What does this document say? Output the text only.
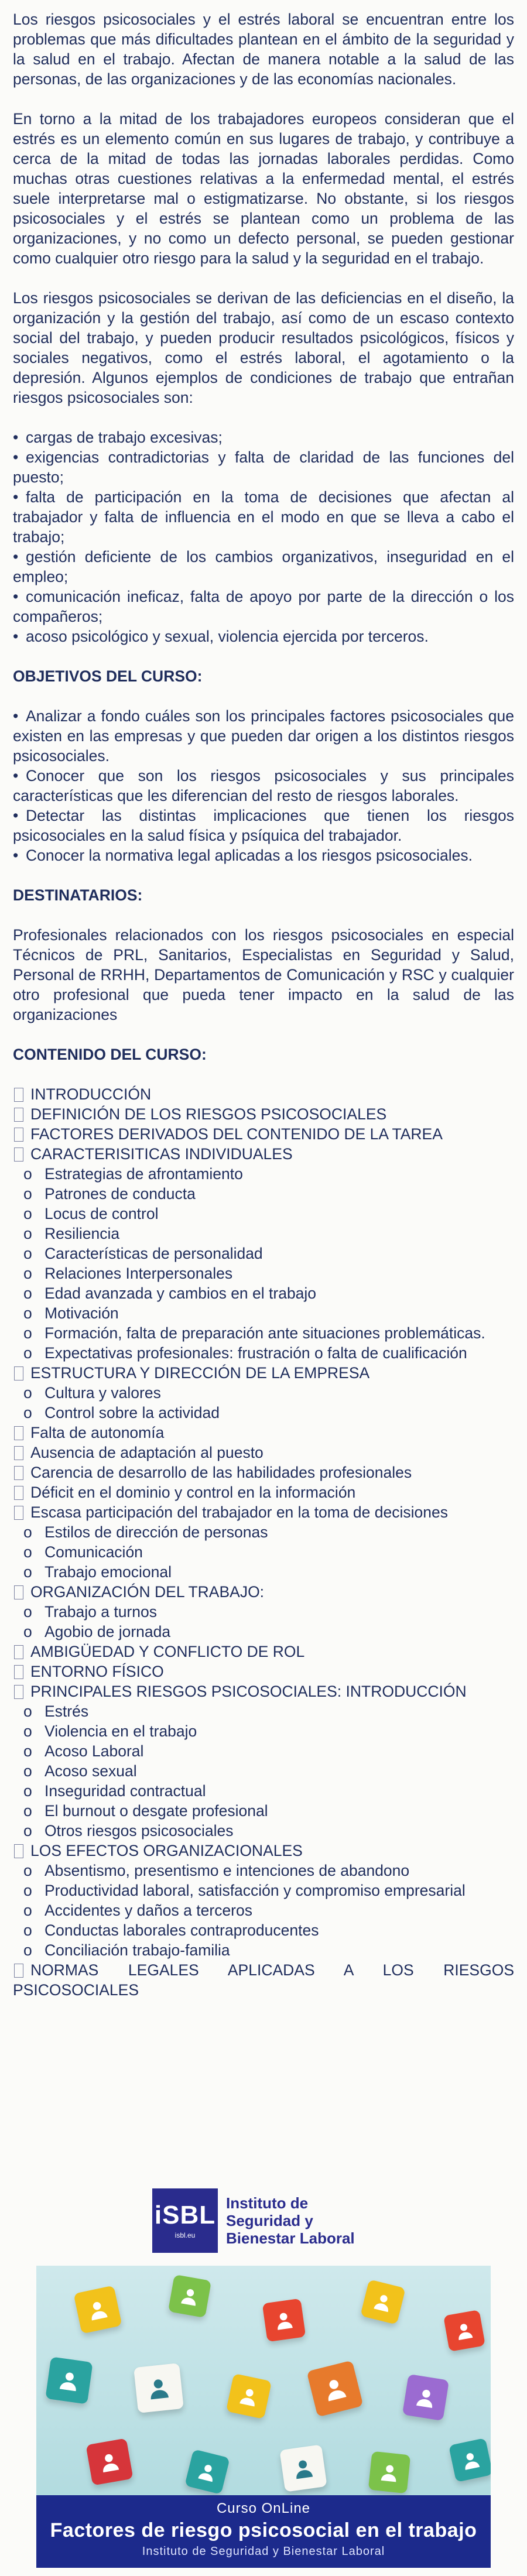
Los riesgos psicosociales y el estrés laboral se encuentran entre los problemas que más dificultades plantean en el ámbito de la seguridad y la salud en el trabajo. Afectan de manera notable a la salud de las personas, de las organizaciones y de las economías nacionales.

En torno a la mitad de los trabajadores europeos consideran que el estrés es un elemento común en sus lugares de trabajo, y contribuye a cerca de la mitad de todas las jornadas laborales perdidas. Como muchas otras cuestiones relativas a la enfermedad mental, el estrés suele interpretarse mal o estigmatizarse. No obstante, si los riesgos psicosociales y el estrés se plantean como un problema de las organizaciones, y no como un defecto personal, se pueden gestionar como cualquier otro riesgo para la salud y la seguridad en el trabajo.

Los riesgos psicosociales se derivan de las deficiencias en el diseño, la organización y la gestión del trabajo, así como de un escaso contexto social del trabajo, y pueden producir resultados psicológicos, físicos y sociales negativos, como el estrés laboral, el agotamiento o la depresión. Algunos ejemplos de condiciones de trabajo que entrañan riesgos psicosociales son:

• cargas de trabajo excesivas;

• exigencias contradictorias y falta de claridad de las funciones del puesto;

• falta de participación en la toma de decisiones que afectan al trabajador y falta de influencia en el modo en que se lleva a cabo el trabajo;

• gestión deficiente de los cambios organizativos, inseguridad en el empleo;

• comunicación ineficaz, falta de apoyo por parte de la dirección o los compañeros;

• acoso psicológico y sexual, violencia ejercida por terceros.

OBJETIVOS DEL CURSO:

• Analizar a fondo cuáles son los principales factores psicosociales que existen en las empresas y que pueden dar origen a los distintos riesgos psicosociales.

• Conocer que son los riesgos psicosociales y sus principales características que les diferencian del resto de riesgos laborales.

• Detectar las distintas implicaciones que tienen los riesgos psicosociales en la salud física y psíquica del trabajador.

• Conocer la normativa legal aplicadas a los riesgos psicosociales.

DESTINATARIOS:

Profesionales relacionados con los riesgos psicosociales en especial Técnicos de PRL, Sanitarios, Especialistas en Seguridad y Salud, Personal de RRHH, Departamentos de Comunicación y RSC y cualquier otro profesional que pueda tener impacto en la salud de las organizaciones

CONTENIDO DEL CURSO:

INTRODUCCIÓN

DEFINICIÓN DE LOS RIESGOS PSICOSOCIALES

FACTORES DERIVADOS DEL CONTENIDO DE LA TAREA

CARACTERISITICAS INDIVIDUALES

o Estrategias de afrontamiento

o Patrones de conducta

o Locus de control

o Resiliencia

o Características de personalidad

o Relaciones Interpersonales

o Edad avanzada y cambios en el trabajo

o Motivación

o Formación, falta de preparación ante situaciones problemáticas.

o Expectativas profesionales: frustración o falta de cualificación

ESTRUCTURA Y DIRECCIÓN DE LA EMPRESA

o Cultura y valores

o Control sobre la actividad

Falta de autonomía

Ausencia de adaptación al puesto

Carencia de desarrollo de las habilidades profesionales

Déficit en el dominio y control en la información

Escasa participación del trabajador en la toma de decisiones

o Estilos de dirección de personas

o Comunicación

o Trabajo emocional

ORGANIZACIÓN DEL TRABAJO:

o Trabajo a turnos

o Agobio de jornada

AMBIGÜEDAD Y CONFLICTO DE ROL

ENTORNO FÍSICO

PRINCIPALES RIESGOS PSICOSOCIALES: INTRODUCCIÓN

o Estrés

o Violencia en el trabajo

o Acoso Laboral

o Acoso sexual

o Inseguridad contractual

o El burnout o desgate profesional

o Otros riesgos psicosociales

LOS EFECTOS ORGANIZACIONALES

o Absentismo, presentismo e intenciones de abandono

o Productividad laboral, satisfacción y compromiso empresarial

o Accidentes y daños a terceros

o Conductas laborales contraproducentes

o Conciliación trabajo-familia

NORMAS LEGALES APLICADAS A LOS RIESGOS PSICOSOCIALES

iSBL
isbl.eu
Instituto de
Seguridad y
Bienestar Laboral
Curso OnLine
Factores de riesgo psicosocial en el trabajo
Instituto de Seguridad y Bienestar Laboral
